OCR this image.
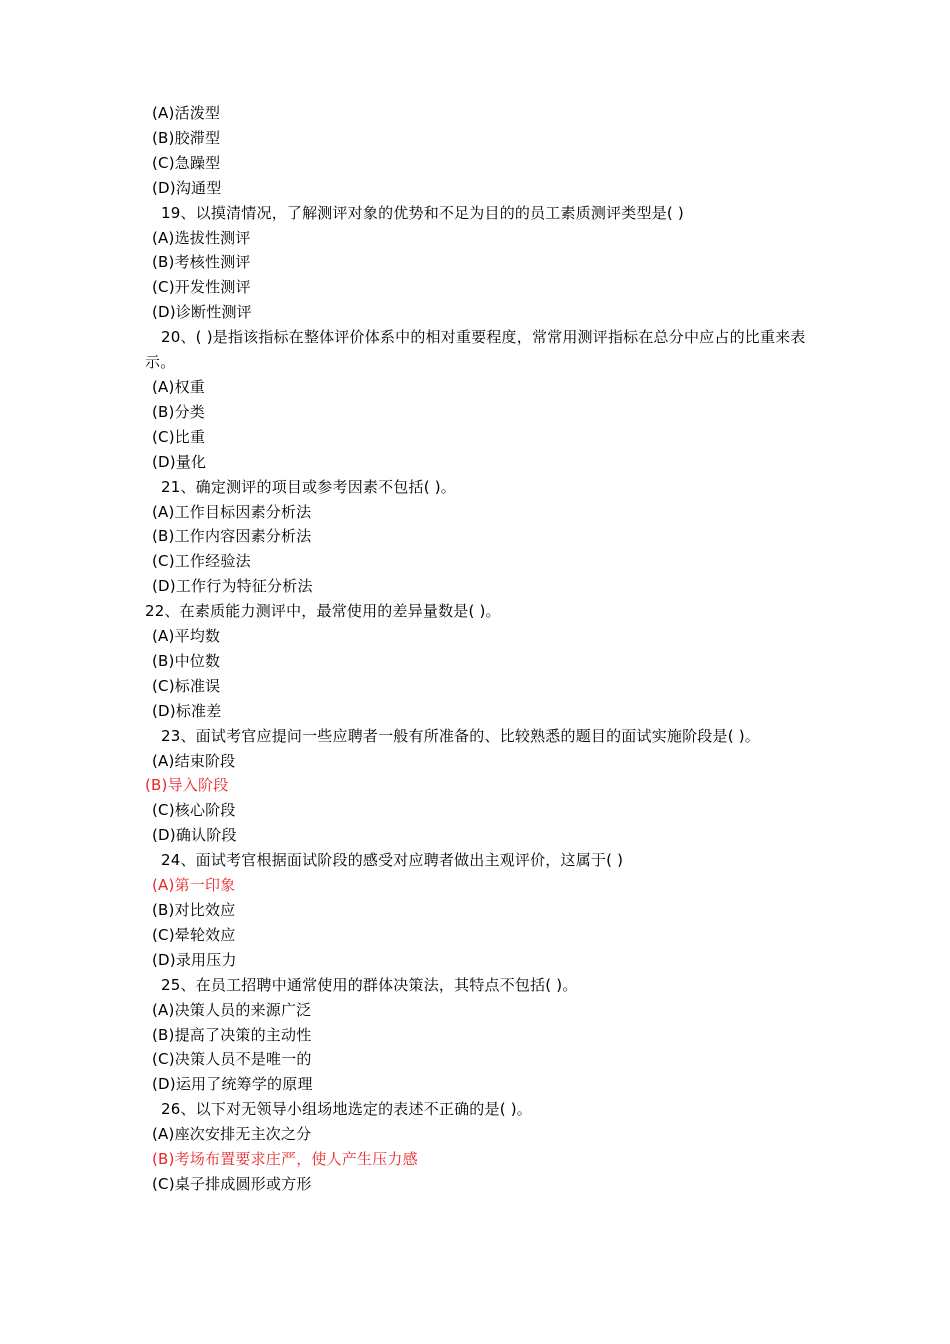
(A)活泼型
(B)胶滞型
(C)急躁型
(D)沟通型
19、以摸清情况，了解测评对象的优势和不足为目的的员工素质测评类型是( )
(A)选拔性测评
(B)考核性测评
(C)开发性测评
(D)诊断性测评
20、( )是指该指标在整体评价体系中的相对重要程度，常常用测评指标在总分中应占的比重来表示。
(A)权重
(B)分类
(C)比重
(D)量化
21、确定测评的项目或参考因素不包括( )。
(A)工作目标因素分析法
(B)工作内容因素分析法
(C)工作经验法
(D)工作行为特征分析法
22、在素质能力测评中，最常使用的差异量数是( )。
(A)平均数
(B)中位数
(C)标准误
(D)标准差
23、面试考官应提问一些应聘者一般有所准备的、比较熟悉的题目的面试实施阶段是( )。
(A)结束阶段
(B)导入阶段
(C)核心阶段
(D)确认阶段
24、面试考官根据面试阶段的感受对应聘者做出主观评价，这属于( )
(A)第一印象
(B)对比效应
(C)晕轮效应
(D)录用压力
25、在员工招聘中通常使用的群体决策法，其特点不包括( )。
(A)决策人员的来源广泛
(B)提高了决策的主动性
(C)决策人员不是唯一的
(D)运用了统筹学的原理
26、以下对无领导小组场地选定的表述不正确的是( )。
(A)座次安排无主次之分
(B)考场布置要求庄严，使人产生压力感
(C)桌子排成圆形或方形
